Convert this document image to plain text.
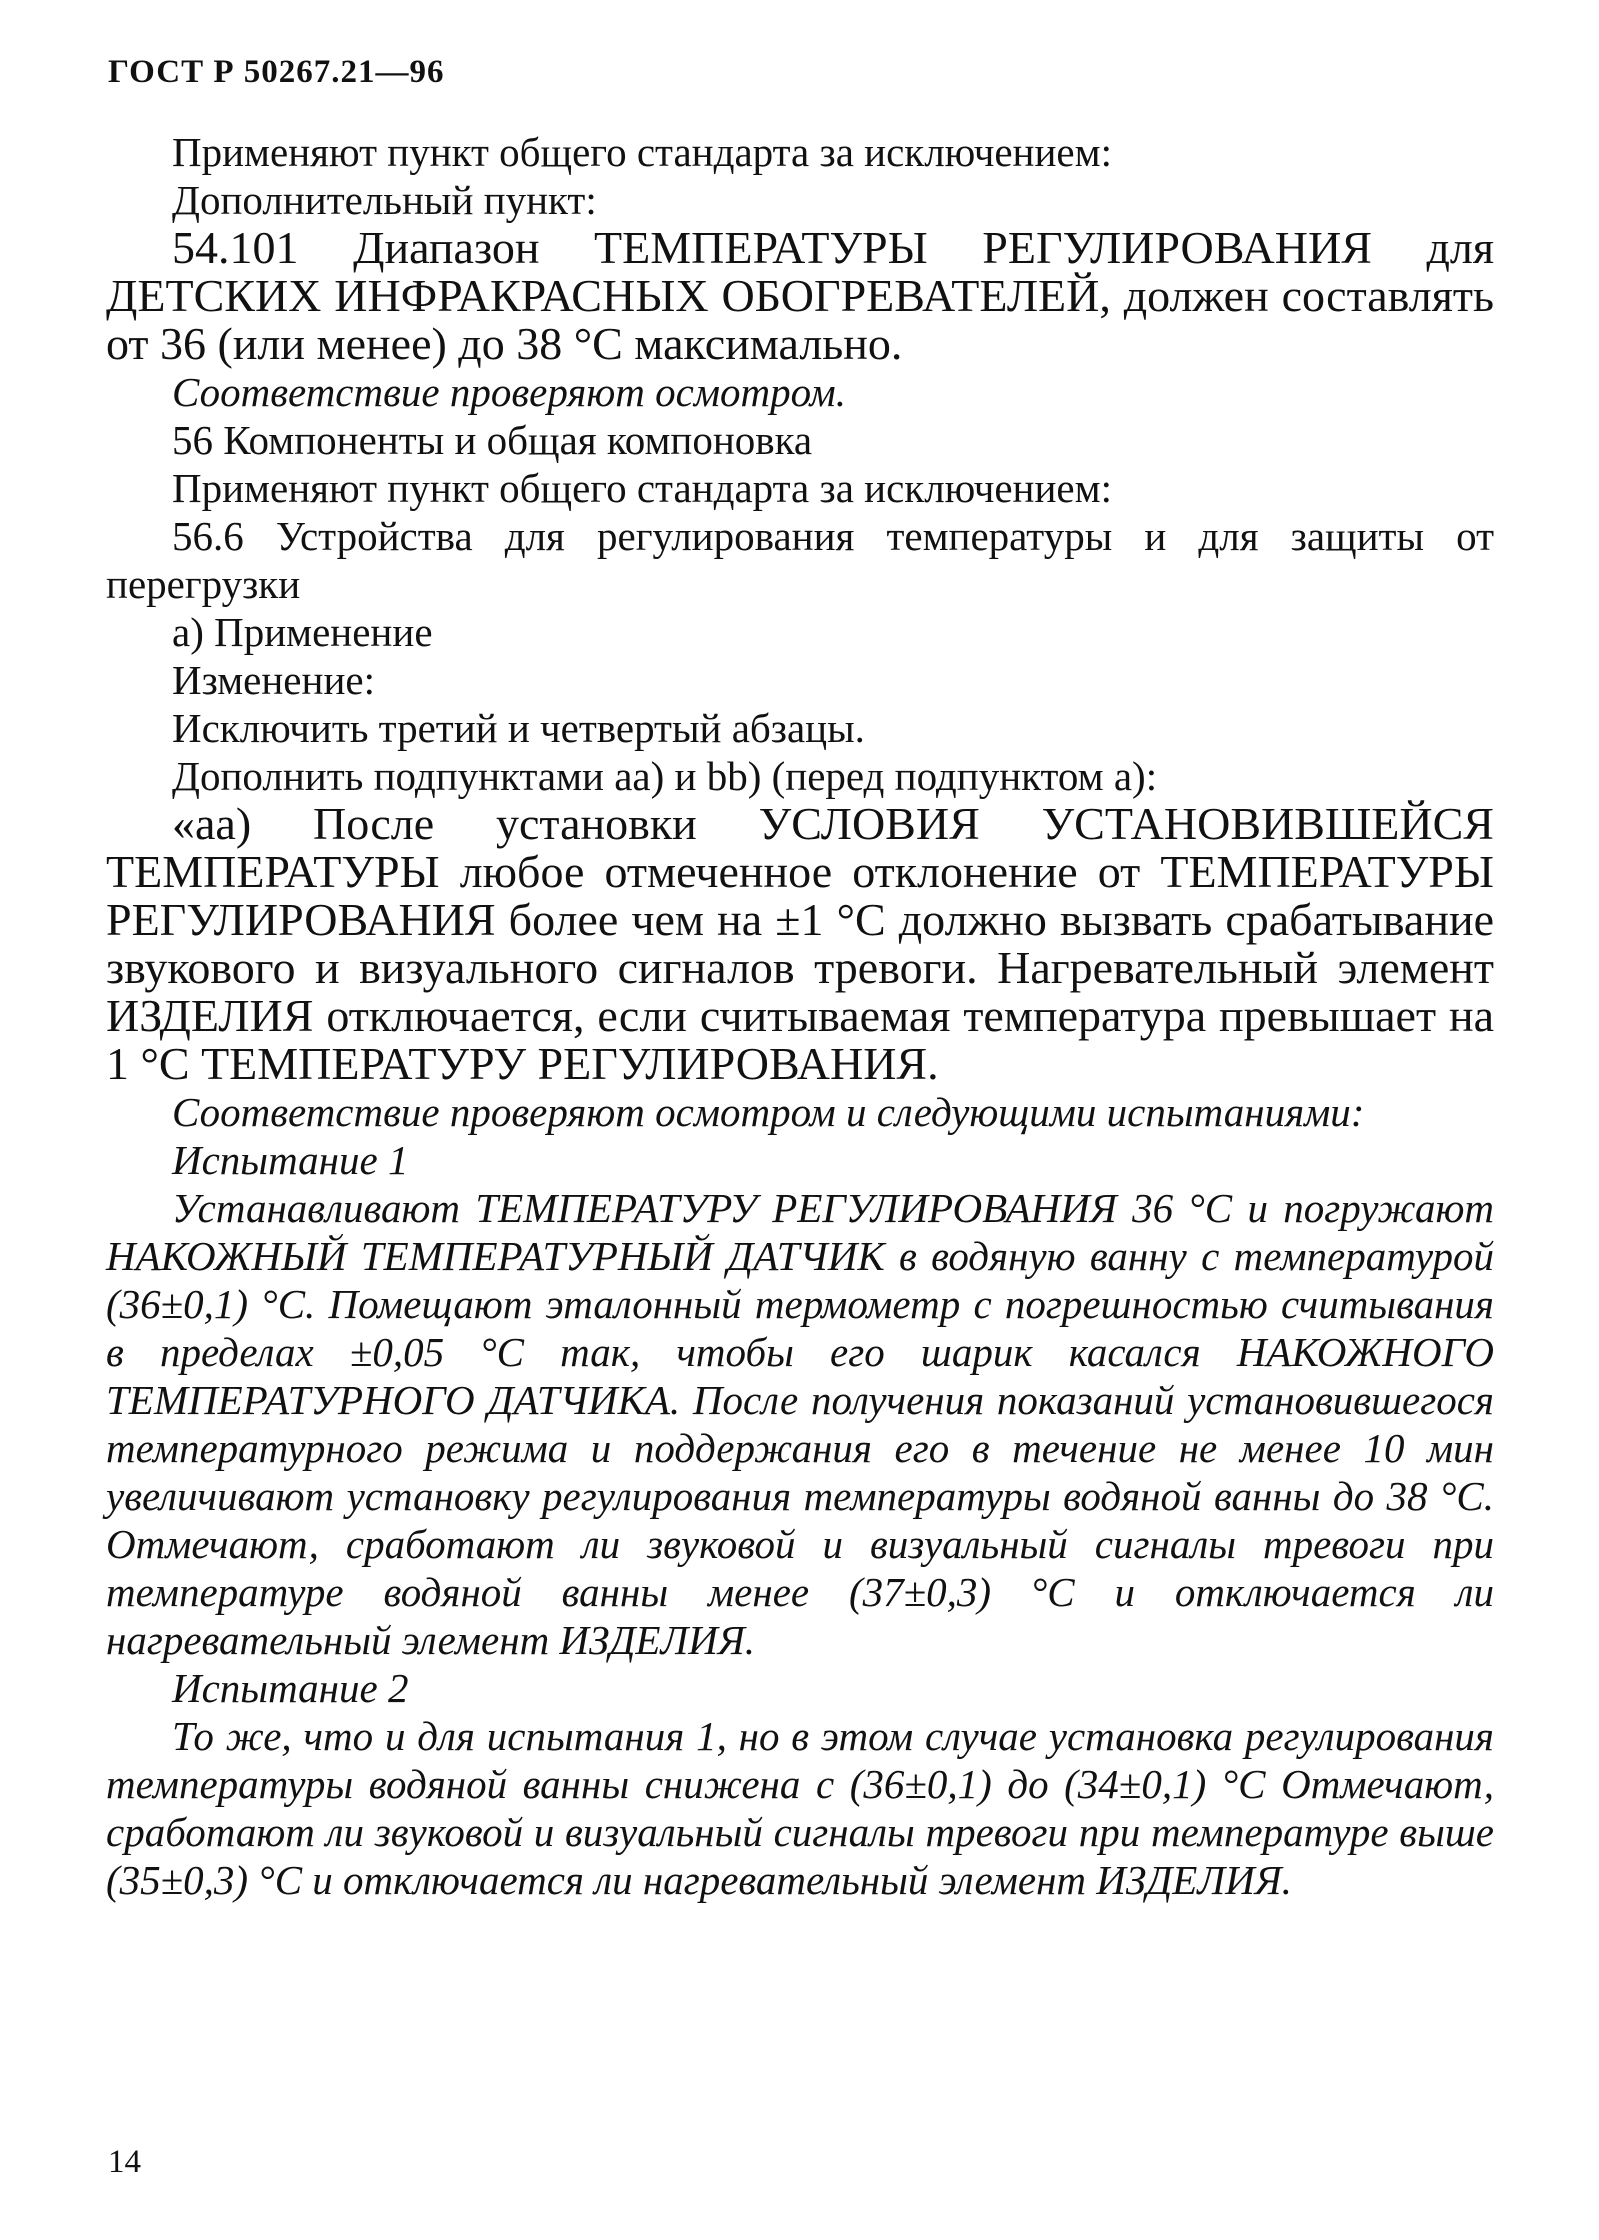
ГОСТ Р 50267.21—96

Применяют пункт общего стандарта за исключением:

Дополнительный пункт:

54.101 Диапазон ТЕМПЕРАТУРЫ РЕГУЛИРОВАНИЯ для ДЕТСКИХ ИНФРАКРАСНЫХ ОБОГРЕВАТЕЛЕЙ, должен составлять от 36 (или менее) до 38 °С максимально.

Соответствие проверяют осмотром.

56 Компоненты и общая компоновка

Применяют пункт общего стандарта за исключением:

56.6 Устройства для регулирования температуры и для защиты от перегрузки

а) Применение

Изменение:

Исключить третий и четвертый абзацы.

Дополнить подпунктами аа) и bb) (перед подпунктом а):

«аа) После установки УСЛОВИЯ УСТАНОВИВШЕЙСЯ ТЕМПЕРАТУРЫ любое отмеченное отклонение от ТЕМПЕРАТУРЫ РЕГУЛИРОВАНИЯ более чем на ±1 °С должно вызвать срабатывание звукового и визуального сигналов тревоги. Нагревательный элемент ИЗДЕЛИЯ отключается, если считываемая температура превышает на 1 °С ТЕМПЕРАТУРУ РЕГУЛИРОВАНИЯ.

Соответствие проверяют осмотром и следующими испытаниями:

Испытание 1

Устанавливают ТЕМПЕРАТУРУ РЕГУЛИРОВАНИЯ 36 °С и погружают НАКОЖНЫЙ ТЕМПЕРАТУРНЫЙ ДАТЧИК в водяную ванну с температурой (36±0,1) °С. Помещают эталонный термометр с погрешностью считывания в пределах ±0,05 °С так, чтобы его шарик касался НАКОЖНОГО ТЕМПЕРАТУРНОГО ДАТЧИКА. После получения показаний установившегося температурного режима и поддержания его в течение не менее 10 мин увеличивают установку регулирования температуры водяной ванны до 38 °С. Отмечают, сработают ли звуковой и визуальный сигналы тревоги при температуре водяной ванны менее (37±0,3) °С и отключается ли нагревательный элемент ИЗДЕЛИЯ.

Испытание 2

То же, что и для испытания 1, но в этом случае установка регулирования температуры водяной ванны снижена с (36±0,1) до (34±0,1) °С Отмечают, сработают ли звуковой и визуальный сигналы тревоги при температуре выше (35±0,3) °С и отключается ли нагревательный элемент ИЗДЕЛИЯ.

14
